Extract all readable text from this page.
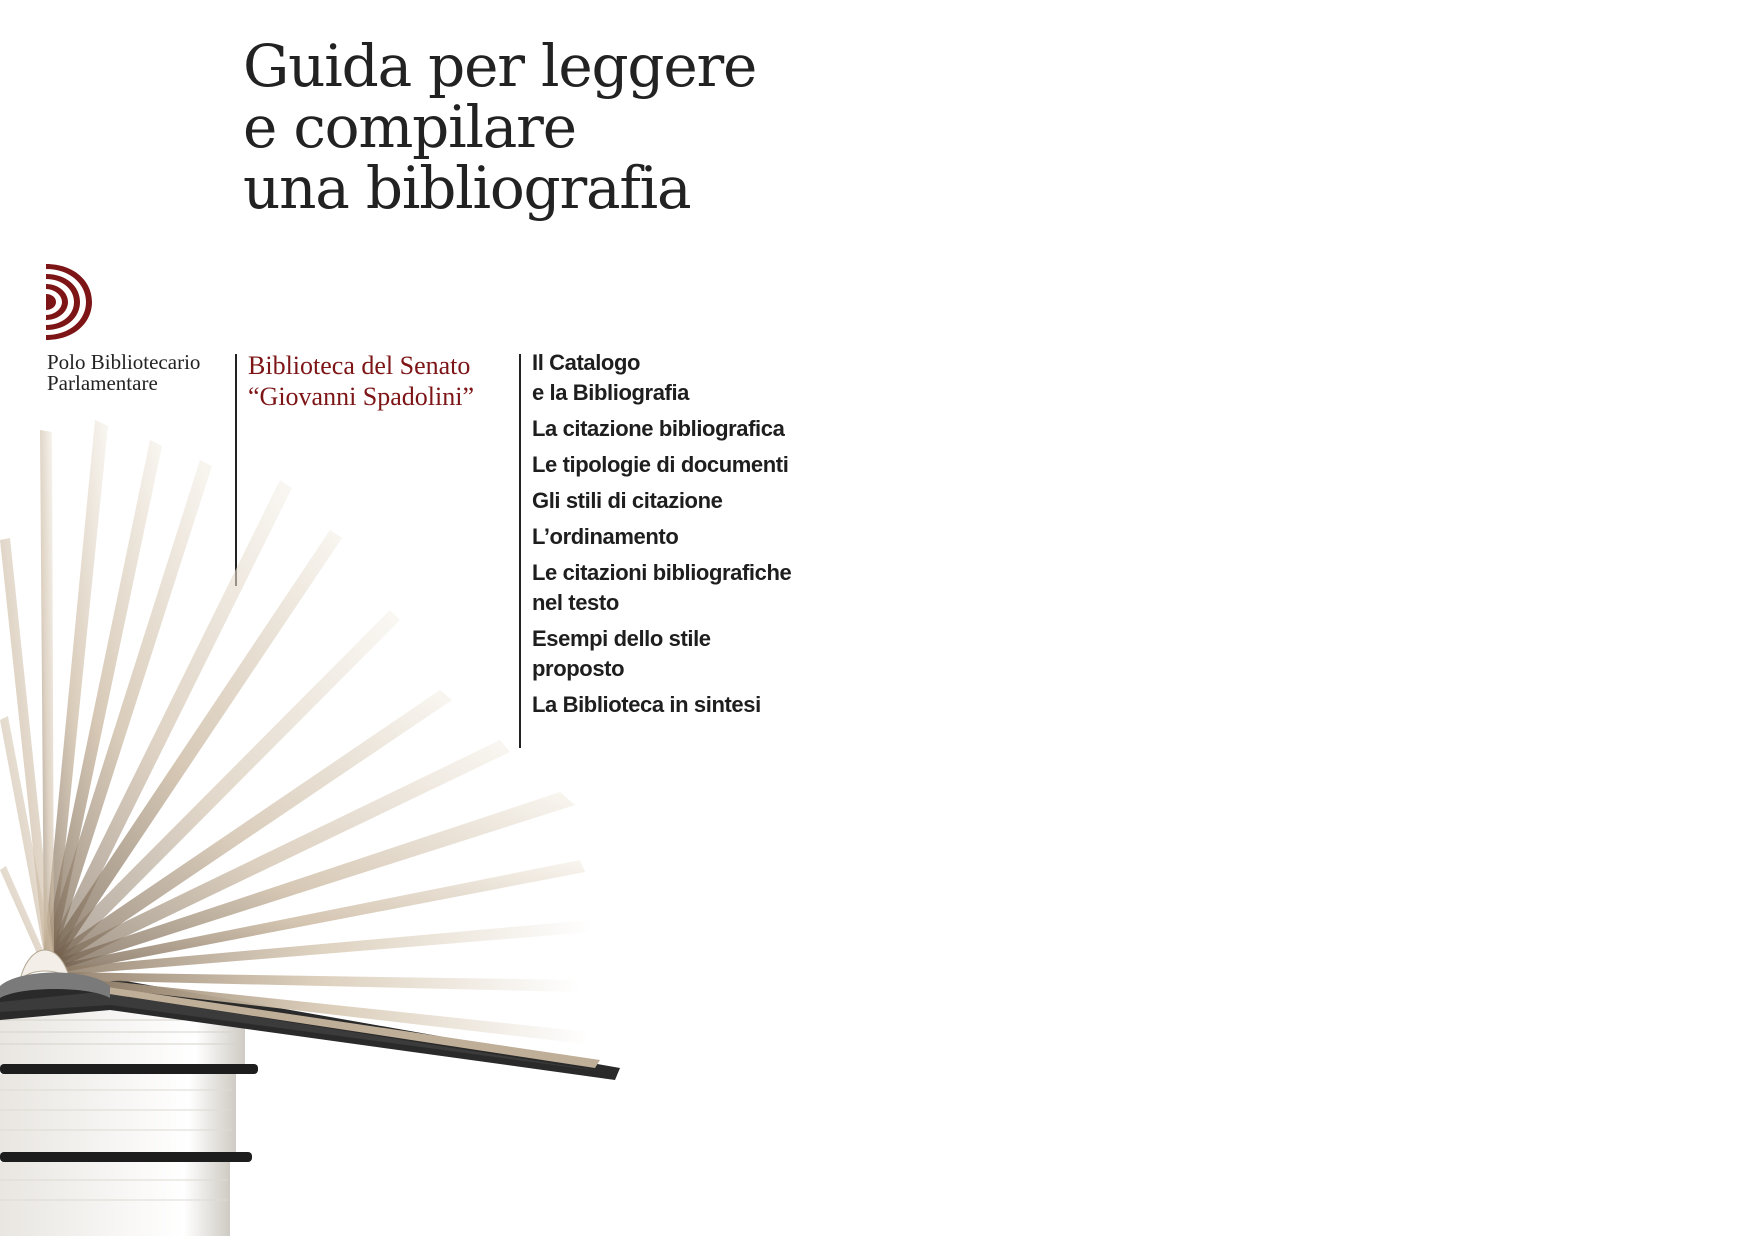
Guida per leggere
e compilare
una bibliografia
Polo Bibliotecario
Parlamentare
Biblioteca del Senato
“Giovanni Spadolini”
Il Catalogo
e la Bibliografia
La citazione bibliografica
Le tipologie di documenti
Gli stili di citazione
L’ordinamento
Le citazioni bibliografiche
nel testo
Esempi dello stile
proposto
La Biblioteca in sintesi
